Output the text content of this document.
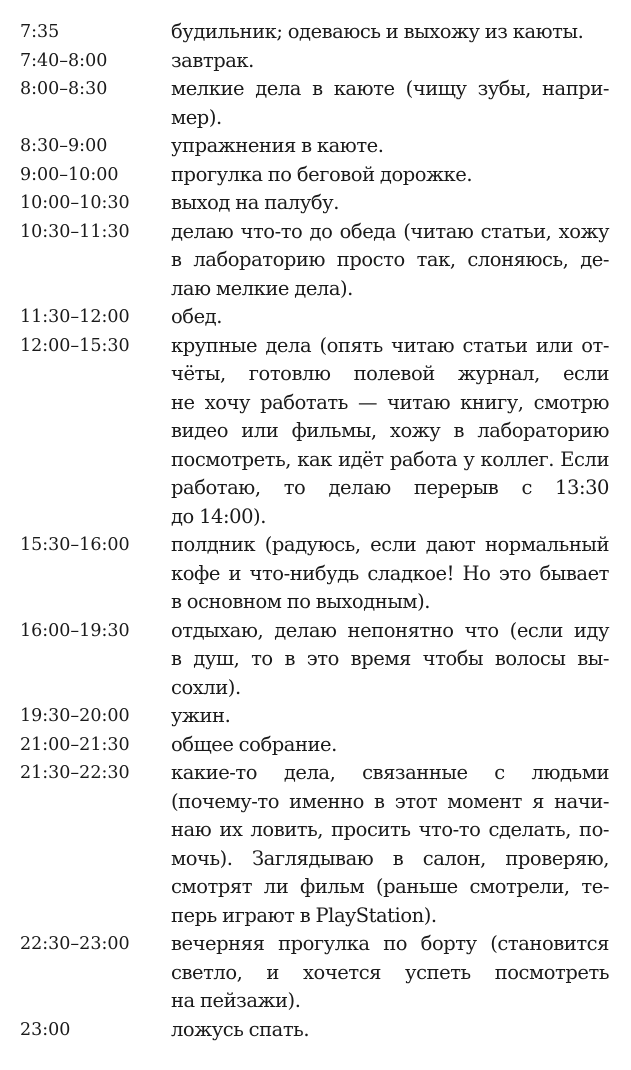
7:35	будильник; одеваюсь и выхожу из каюты.
7:40–8:00	завтрак.
8:00–8:30	мелкие дела в каюте (чищу зубы, напри-
мер).
8:30–9:00	упражнения в каюте.
9:00–10:00	прогулка по беговой дорожке.
10:00–10:30	выход на палубу.
10:30–11:30	делаю что-то до обеда (читаю статьи, хожу
в лабораторию просто так, слоняюсь, де-
лаю мелкие дела).
11:30–12:00	обед.
12:00–15:30	крупные дела (опять читаю статьи или от-
чёты, готовлю полевой журнал, если
не хочу работать — читаю книгу, смотрю
видео или фильмы, хожу в лабораторию
посмотреть, как идёт работа у коллег. Если
работаю, то делаю перерыв с 13:30
до 14:00).
15:30–16:00	полдник (радуюсь, если дают нормальный
кофе и что-нибудь сладкое! Но это бывает
в основном по выходным).
16:00–19:30	отдыхаю, делаю непонятно что (если иду
в душ, то в это время чтобы волосы вы-
сохли).
19:30–20:00	ужин.
21:00–21:30	общее собрание.
21:30–22:30	какие-то дела, связанные с людьми
(почему-то именно в этот момент я начи-
наю их ловить, просить что-то сделать, по-
мочь). Заглядываю в салон, проверяю,
смотрят ли фильм (раньше смотрели, те-
перь играют в PlayStation).
22:30–23:00	вечерняя прогулка по борту (становится
светло, и хочется успеть посмотреть
на пейзажи).
23:00	ложусь спать.
